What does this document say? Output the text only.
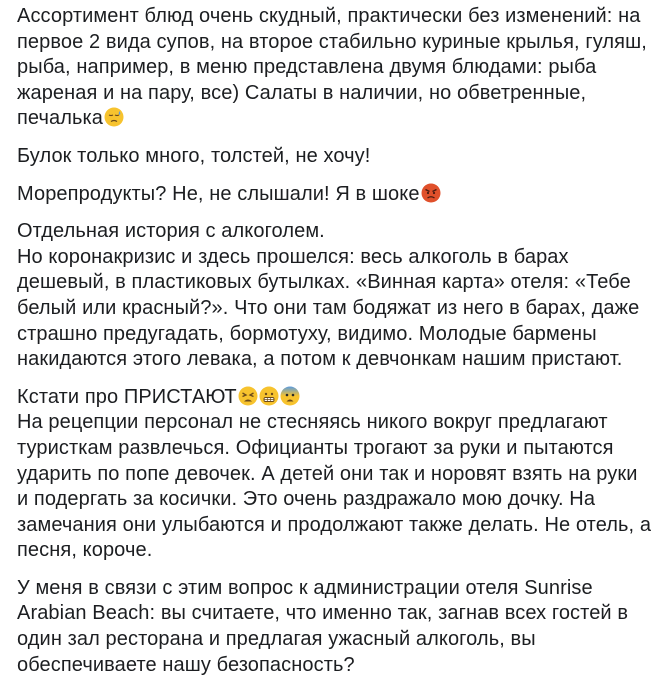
Ассортимент блюд очень скудный, практически без изменений: на
первое 2 вида супов, на второе стабильно куриные крылья, гуляш,
рыба, например, в меню представлена двумя блюдами: рыба
жареная и на пару, все) Салаты в наличии, но обветренные,
печалька
Булок только много, толстей, не хочу!
Морепродукты? Не, не слышали! Я в шоке
Отдельная история с алкоголем.
Но коронакризис и здесь прошелся: весь алкоголь в барах
дешевый, в пластиковых бутылках. «Винная карта» отеля: «Тебе
белый или красный?». Что они там бодяжат из него в барах, даже
страшно предугадать, бормотуху, видимо. Молодые бармены
накидаются этого левака, а потом к девчонкам нашим пристают.
Кстати про ПРИСТАЮТ
На рецепции персонал не стесняясь никого вокруг предлагают
туристкам развлечься. Официанты трогают за руки и пытаются
ударить по попе девочек. А детей они так и норовят взять на руки
и подергать за косички. Это очень раздражало мою дочку. На
замечания они улыбаются и продолжают также делать. Не отель, а
песня, короче.
У меня в связи с этим вопрос к администрации отеля Sunrise
Arabian Beach: вы считаете, что именно так, загнав всех гостей в
один зал ресторана и предлагая ужасный алкоголь, вы
обеспечиваете нашу безопасность?
